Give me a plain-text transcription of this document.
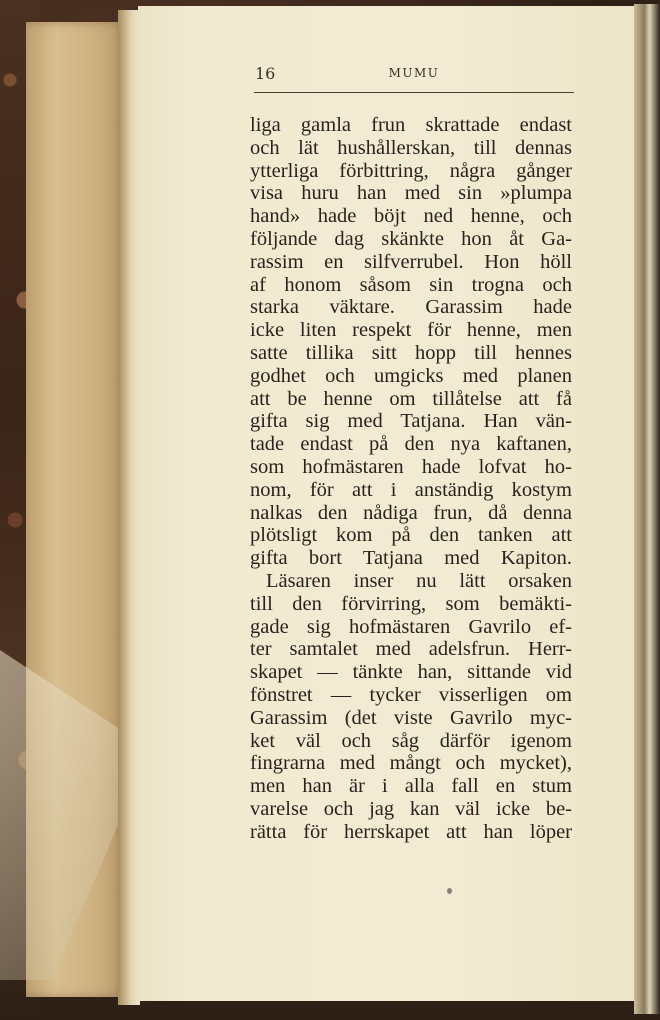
16	MUMU
liga gamla frun skrattade endast
och lät hushållerskan, till dennas
ytterliga förbittring, några gånger
visa huru han med sin »plumpa
hand» hade böjt ned henne, och
följande dag skänkte hon åt Ga-
rassim en silfverrubel. Hon höll
af honom såsom sin trogna och
starka väktare. Garassim hade
icke liten respekt för henne, men
satte tillika sitt hopp till hennes
godhet och umgicks med planen
att be henne om tillåtelse att få
gifta sig med Tatjana. Han vän-
tade endast på den nya kaftanen,
som hofmästaren hade lofvat ho-
nom, för att i anständig kostym
nalkas den nådiga frun, då denna
plötsligt kom på den tanken att
gifta bort Tatjana med Kapiton.
Läsaren inser nu lätt orsaken
till den förvirring, som bemäkti-
gade sig hofmästaren Gavrilo ef-
ter samtalet med adelsfrun. Herr-
skapet — tänkte han, sittande vid
fönstret — tycker visserligen om
Garassim (det viste Gavrilo myc-
ket väl och såg därför igenom
fingrarna med mångt och mycket),
men han är i alla fall en stum
varelse och jag kan väl icke be-
rätta för herrskapet att han löper
